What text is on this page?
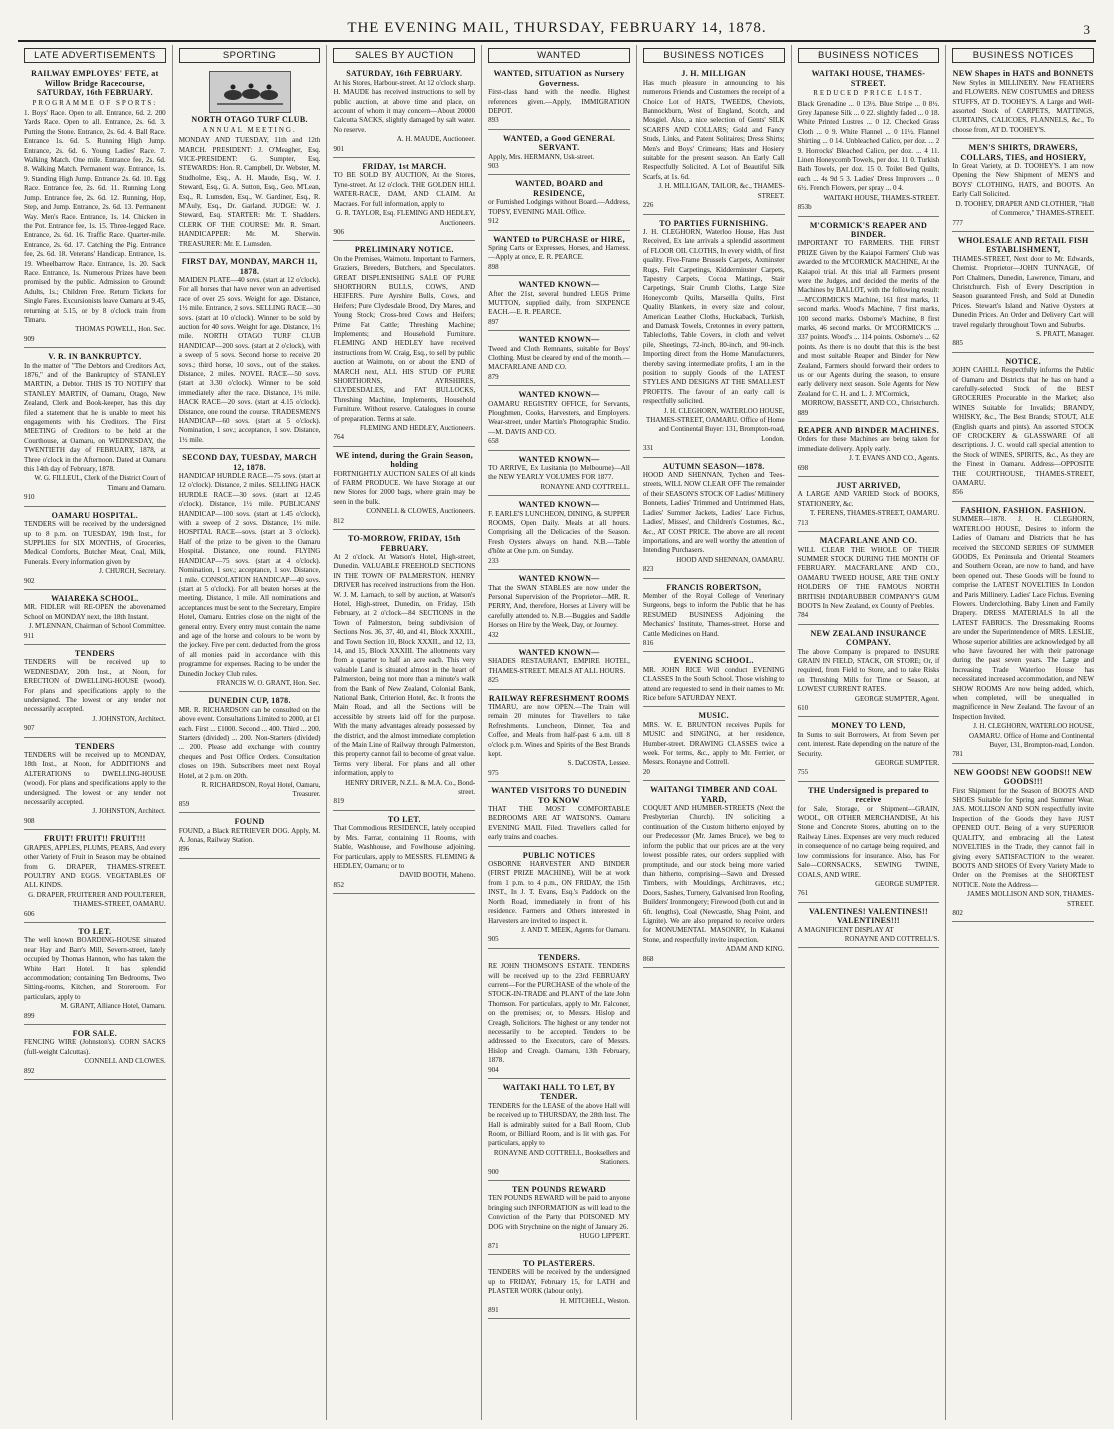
THE EVENING MAIL, THURSDAY, FEBRUARY 14, 1878.	3
LATE ADVERTISEMENTS
RAILWAY EMPLOYES' FETE, at Willow Bridge Racecourse, SATURDAY, 16th FEBRUARY.
PROGRAMME OF SPORTS:
1. Boys' Race. Open to all. Entrance, 6d. 2. 200 Yards Race. Open to all. Entrance, 2s. 6d. 3. Putting the Stone. Entrance, 2s. 6d. 4. Ball Race. Entrance 1s. 6d. 5. Running High Jump. Entrance, 2s. 6d. 6. Young Ladies' Race. 7. Walking Match. One mile. Entrance fee, 2s. 6d. 8. Walking Match. Permanent way. Entrance, 1s. 9. Standing High Jump. Entrance 2s. 6d. 10. Egg Race. Entrance fee, 2s. 6d. 11. Running Long Jump. Entrance fee, 2s. 6d. 12. Running, Hop, Step, and Jump. Entrance, 2s. 6d. 13. Permanent Way. Men's Race. Entrance, 1s. 14. Chicken in the Pot. Entrance fee, 1s. 15. Three-legged Race. Entrance, 2s. 6d. 16. Traffic Race. Quarter-mile. Entrance, 2s. 6d. 17. Catching the Pig. Entrance fee, 2s. 6d. 18. Veterans' Handicap. Entrance, 1s. 19. Wheelbarrow Race. Entrance, 1s. 20. Sack Race. Entrance, 1s. Numerous Prizes have been promised by the public. Admission to Ground: Adults, 1s.; Children Free. Return Tickets for Single Fares. Excursionists leave Oamaru at 9.45, returning at 5.15, or by 8 o'clock train from Timaru.
THOMAS POWELL, Hon. Sec.
909
V. R. IN BANKRUPTCY.
In the matter of "The Debtors and Creditors Act, 1876," and of the Bankruptcy of STANLEY MARTIN, a Debtor. THIS IS TO NOTIFY that STANLEY MARTIN, of Oamaru, Otago, New Zealand, Clerk and Book-keeper, has this day filed a statement that he is unable to meet his engagements with his Creditors. The First MEETING of Creditors to be held at the Courthouse, at Oamaru, on WEDNESDAY, the TWENTIETH day of FEBRUARY, 1878, at Three o'clock in the Afternoon. Dated at Oamaru this 14th day of February, 1878.
W. G. FILLEUL, Clerk of the District Court of Timaru and Oamaru.
910
OAMARU HOSPITAL.
TENDERS will be received by the undersigned up to 8 p.m. on TUESDAY, 19th Inst., for SUPPLIES for SIX MONTHS, of Groceries, Medical Comforts, Butcher Meat, Coal, Milk, Funerals. Every information given by
J. CHURCH, Secretary.
902
WAIAREKA SCHOOL.
MR. FIDLER will RE-OPEN the abovenamed School on MONDAY next, the 18th Instant.
J. M'LENNAN, Chairman of School Committee.
911
TENDERS
TENDERS will be received up to WEDNESDAY, 20th Inst., at Noon, for ERECTION of DWELLING-HOUSE (wood). For plans and specifications apply to the undersigned. The lowest or any tender not necessarily accepted.
J. JOHNSTON, Architect.
907
TENDERS
TENDERS will be received up to MONDAY, 18th Inst., at Noon, for ADDITIONS and ALTERATIONS to DWELLING-HOUSE (wood). For plans and specifications apply to the undersigned. The lowest or any tender not necessarily accepted.
J. JOHNSTON, Architect.
908
FRUIT! FRUIT!! FRUIT!!!
GRAPES, APPLES, PLUMS, PEARS, And every other Variety of Fruit in Season may be obtained from G. DRAPER, THAMES-STREET. POULTRY AND EGGS. VEGETABLES OF ALL KINDS.
G. DRAPER, FRUITERER AND POULTERER, THAMES-STREET, OAMARU.
606
TO LET.
The well known BOARDING-HOUSE situated near Hay and Barr's Mill, Severn-street, lately occupied by Thomas Hannon, who has taken the White Hart Hotel. It has splendid accommodation; containing Ten Bedrooms, Two Sitting-rooms, Kitchen, and Storeroom. For particulars, apply to
M. GRANT, Alliance Hotel, Oamaru.
899
FOR SALE.
FENCING WIRE (Johnston's). CORN SACKS (full-weight Calcuttas).
CONNELL AND CLOWES.
892
SPORTING
NORTH OTAGO TURF CLUB.
ANNUAL MEETING.
MONDAY AND TUESDAY, 11th and 12th MARCH. PRESIDENT: J. O'Meagher, Esq. VICE-PRESIDENT: G. Sumpter, Esq. STEWARDS: Hon. R. Campbell, Dr. Webster, M. Studholme, Esq., A. H. Maude, Esq., W. J. Steward, Esq., G. A. Sutton, Esq., Geo. M'Lean, Esq., R. Lumsden, Esq., W. Gardiner, Esq., R. M'Auly, Esq., Dr. Garland. JUDGE: W. J. Steward, Esq. STARTER: Mr. T. Shadders. CLERK OF THE COURSE: Mr. R. Smart. HANDICAPPER: Mr. M. Sherwin. TREASURER: Mr. E. Lumsden.
FIRST DAY, MONDAY, MARCH 11, 1878.
MAIDEN PLATE—40 sovs. (start at 12 o'clock). For all horses that have never won an advertised race of over 25 sovs. Weight for age. Distance, 1½ mile. Entrance, 2 sovs. SELLING RACE—30 sovs. (start at 10 o'clock). Winner to be sold by auction for 40 sovs. Weight for age. Distance, 1½ mile. NORTH OTAGO TURF CLUB HANDICAP—200 sovs. (start at 2 o'clock), with a sweep of 5 sovs. Second horse to receive 20 sovs.; third horse, 10 sovs., out of the stakes. Distance, 2 miles. NOVEL RACE—50 sovs. (start at 3.30 o'clock). Winner to be sold immediately after the race. Distance, 1½ mile. HACK RACE—20 sovs. (start at 4.15 o'clock). Distance, one round the course. TRADESMEN'S HANDICAP—60 sovs. (start at 5 o'clock). Nomination, 1 sov.; acceptance, 1 sov. Distance, 1½ mile.
SECOND DAY, TUESDAY, MARCH 12, 1878.
HANDICAP HURDLE RACE—75 sovs. (start at 12 o'clock). Distance, 2 miles. SELLING HACK HURDLE RACE—30 sovs. (start at 12.45 o'clock). Distance, 1½ mile. PUBLICANS' HANDICAP—100 sovs. (start at 1.45 o'clock), with a sweep of 2 sovs. Distance, 1½ mile. HOSPITAL RACE—sovs. (start at 3 o'clock). Half of the prize to be given to the Oamaru Hospital. Distance, one round. FLYING HANDICAP—75 sovs. (start at 4 o'clock). Nomination, 1 sov.; acceptance, 1 sov. Distance, 1 mile. CONSOLATION HANDICAP—40 sovs. (start at 5 o'clock). For all beaten horses at the meeting. Distance, 1 mile. All nominations and acceptances must be sent to the Secretary, Empire Hotel, Oamaru. Entries close on the night of the general entry. Every entry must contain the name and age of the horse and colours to be worn by the jockey. Five per cent. deducted from the gross of all monies paid in accordance with this programme for expenses. Racing to be under the Dunedin Jockey Club rules.
FRANCIS W. O. GRANT, Hon. Sec.
DUNEDIN CUP, 1878.
MR. R. RICHARDSON can be consulted on the above event. Consultations Limited to 2000, at £1 each. First ... £1000. Second ... 400. Third ... 200. Starters (divided) ... 200. Non-Starters (divided) ... 200. Please add exchange with country cheques and Post Office Orders. Consultation closes on 19th. Subscribers meet next Royal Hotel, at 2 p.m. on 20th.
R. RICHARDSON, Royal Hotel, Oamaru, Treasurer.
859
FOUND
FOUND, a Black RETRIEVER DOG. Apply, M. A. Jonas, Railway Station.
896
SALES BY AUCTION
SATURDAY, 16th FEBRUARY.
At his Stores, Harbour-street. At 12 o'clock sharp. H. MAUDE has received instructions to sell by public auction, at above time and place, on account of whom it may concern—About 20000 Calcutta SACKS, slightly damaged by salt water. No reserve.
A. H. MAUDE, Auctioneer.
901
FRIDAY, 1st MARCH.
TO BE SOLD BY AUCTION, At the Stores, Tyne-street. At 12 o'clock. THE GOLDEN HILL WATER-RACE, DAM, AND CLAIM. At Macraes. For full information, apply to
G. R. TAYLOR, Esq. FLEMING AND HEDLEY, Auctioneers.
906
PRELIMINARY NOTICE.
On the Premises, Waimotu. Important to Farmers, Graziers, Breeders, Butchers, and Speculators. GREAT DISPLENISHING SALE OF PURE SHORTHORN BULLS, COWS, AND HEIFERS. Pure Ayrshire Bulls, Cows, and Heifers; Pure Clydesdale Brood, Dry Mares, and Young Stock; Cross-bred Cows and Heifers; Prime Fat Cattle; Threshing Machine; Implements; and Household Furniture. FLEMING AND HEDLEY have received instructions from W. Craig, Esq., to sell by public auction at Waimotu, on or about the END of MARCH next, ALL HIS STUD OF PURE SHORTHORNS, AYRSHIRES, CLYDESDALES, and FAT BULLOCKS, Threshing Machine, Implements, Household Furniture. Without reserve. Catalogues in course of preparation. Terms at sale.
FLEMING AND HEDLEY, Auctioneers.
764
WE intend, during the Grain Season, holding
FORTNIGHTLY AUCTION SALES Of all kinds of FARM PRODUCE. We have Storage at our new Stores for 2000 bags, where grain may be seen in the bulk.
CONNELL & CLOWES, Auctioneers.
812
TO-MORROW, FRIDAY, 15th FEBRUARY.
At 2 o'clock. At Watson's Hotel, High-street, Dunedin. VALUABLE FREEHOLD SECTIONS IN THE TOWN OF PALMERSTON. HENRY DRIVER has received instructions from the Hon. W. J. M. Larnach, to sell by auction, at Watson's Hotel, High-street, Dunedin, on Friday, 15th February, at 2 o'clock—84 SECTIONS in the Town of Palmerston, being subdivision of Sections Nos. 36, 37, 40, and 41, Block XXXIII., and Town Section 10, Block XXXII., and 12, 13, 14, and 15, Block XXXIII. The allotments vary from a quarter to half an acre each. This very valuable Land is situated almost in the heart of Palmerston, being not more than a minute's walk from the Bank of New Zealand, Colonial Bank, National Bank, Criterion Hotel, &c. It fronts the Main Road, and all the Sections will be accessible by streets laid off for the purpose. With the many advantages already possessed by the district, and the almost immediate completion of the Main Line of Railway through Palmerston, this property cannot fail to become of great value. Terms very liberal. For plans and all other information, apply to
HENRY DRIVER, N.Z.L. & M.A. Co., Bond-street.
819
TO LET.
That Commodious RESIDENCE, lately occupied by Mrs. Farrar, containing 11 Rooms, with Stable, Washhouse, and Fowlhouse adjoining. For particulars, apply to MESSRS. FLEMING & HEDLEY, Oamaru; or to
DAVID BOOTH, Maheno.
852
WANTED
WANTED, SITUATION as Nursery Governess.
First-class hand with the needle. Highest references given.—Apply, IMMIGRATION DEPOT.
893
WANTED, a Good GENERAL SERVANT.
Apply, Mrs. HERMANN, Usk-street.
903
WANTED, BOARD and RESIDENCE,
or Furnished Lodgings without Board.—Address, TOPSY, EVENING MAIL Office.
912
WANTED to PURCHASE or HIRE,
Spring Carts or Expresses, Horses, and Harness.—Apply at once, E. R. PEARCE.
898
WANTED KNOWN—
After the 21st, several hundred LEGS Prime MUTTON, supplied daily, from SIXPENCE EACH.—E. R. PEARCE.
897
WANTED KNOWN—
Tweed and Cloth Remnants, suitable for Boys' Clothing. Must be cleared by end of the month.—MACFARLANE AND CO.
879
WANTED KNOWN—
OAMARU REGISTRY OFFICE, for Servants, Ploughmen, Cooks, Harvesters, and Employers. Wear-street, under Martin's Photographic Studio.—M. DAVIS AND CO.
658
WANTED KNOWN—
TO ARRIVE, Ex Lusitania (to Melbourne)—All the NEW YEARLY VOLUMES FOR 1877.
RONAYNE AND COTTRELL.
WANTED KNOWN—
F. EARLE'S LUNCHEON, DINING, & SUPPER ROOMS, Open Daily. Meals at all hours. Comprising all the Delicacies of the Season. Fresh Oysters always on hand. N.B.—Table d'hôte at One p.m. on Sunday.
233
WANTED KNOWN—
That the SWAN STABLES are now under the Personal Supervision of the Proprietor—MR. R. PERRY, And, therefore, Horses at Livery will be carefully attended to. N.B.—Buggies and Saddle Horses on Hire by the Week, Day, or Journey.
432
WANTED KNOWN—
SHADES RESTAURANT, EMPIRE HOTEL, THAMES-STREET. MEALS AT ALL HOURS.
825
RAILWAY REFRESHMENT ROOMS
TIMARU, are now OPEN.—The Train will remain 20 minutes for Travellers to take Refreshments. Luncheon, Dinner, Tea and Coffee, and Meals from half-past 6 a.m. till 8 o'clock p.m. Wines and Spirits of the Best Brands kept.
S. DaCOSTA, Lessee.
975
WANTED VISITORS TO DUNEDIN TO KNOW
THAT THE MOST COMFORTABLE BEDROOMS ARE AT WATSON'S. Oamaru EVENING MAIL Filed. Travellers called for early trains and coaches.
PUBLIC NOTICES
OSBORNE HARVESTER AND BINDER (FIRST PRIZE MACHINE), Will be at work from 1 p.m. to 4 p.m., ON FRIDAY, the 15th INST., In J. T. Evans, Esq.'s Paddock on the North Road, immediately in front of his residence. Farmers and Others interested in Harvesters are invited to inspect it.
J. AND T. MEEK, Agents for Oamaru.
905
TENDERS.
RE JOHN THOMSON'S ESTATE. TENDERS will be received up to the 23rd FEBRUARY current—For the PURCHASE of the whole of the STOCK-IN-TRADE and PLANT of the late John Thomson. For particulars, apply to Mr. Falconer, on the premises; or, to Messrs. Hislop and Creagh, Solicitors. The highest or any tender not necessarily to be accepted. Tenders to be addressed to the Executors, care of Messrs. Hislop and Creagh. Oamaru, 13th February, 1878.
904
WAITAKI HALL TO LET, BY TENDER.
TENDERS for the LEASE of the above Hall will be received up to THURSDAY, the 28th Inst. The Hall is admirably suited for a Ball Room, Club Room, or Billiard Room, and is lit with gas. For particulars, apply to
RONAYNE AND COTTRELL, Booksellers and Stationers.
900
TEN POUNDS REWARD
TEN POUNDS REWARD will be paid to anyone bringing such INFORMATION as will lead to the Conviction of the Party that POISONED MY DOG with Strychnine on the night of January 26.
HUGO LIPPERT.
871
TO PLASTERERS.
TENDERS will be received by the undersigned up to FRIDAY, February 15, for LATH and PLASTER WORK (labour only).
H. MITCHELL, Weston.
891
BUSINESS NOTICES
J. H. MILLIGAN
Has much pleasure in announcing to his numerous Friends and Customers the receipt of a Choice Lot of HATS, TWEEDS, Cheviots, Bannockburn, West of England, Scotch, and Mosgiel. Also, a nice selection of Gents' SILK SCARFS AND COLLARS; Gold and Fancy Studs, Links, and Patent Solitaires; Dress Shirts; Men's and Boys' Crimeans; Hats and Hosiery suitable for the present season. An Early Call Respectfully Solicited. A Lot of Beautiful Silk Scarfs, at 1s. 6d.
J. H. MILLIGAN, TAILOR, &c., THAMES-STREET.
226
TO PARTIES FURNISHING.
J. H. CLEGHORN, Waterloo House, Has Just Received, Ex late arrivals a splendid assortment of FLOOR OIL CLOTHS, In every width, of first quality. Five-Frame Brussels Carpets, Axminster Rugs, Felt Carpetings, Kidderminster Carpets, Tapestry Carpets, Cocoa Mattings, Stair Carpetings, Stair Crumb Cloths, Large Size Honeycomb Quilts, Marseilla Quilts, First Quality Blankets, in every size and colour, American Leather Cloths, Huckaback, Turkish, and Damask Towels, Cretonnes in every pattern, Tablecloths, Table Covers, in cloth and velvet pile, Sheetings, 72-inch, 80-inch, and 90-inch. Importing direct from the Home Manufacturers, thereby saving intermediate profits, I am in the position to supply Goods of the LATEST STYLES AND DESIGNS AT THE SMALLEST PROFITS. The favour of an early call is respectfully solicited.
J. H. CLEGHORN, WATERLOO HOUSE, THAMES-STREET, OAMARU. Office of Home and Continental Buyer: 131, Brompton-road, London.
331
AUTUMN SEASON—1878.
HOOD AND SHENNAN, Tychen and Tees-streets, WILL NOW CLEAR OFF The remainder of their SEASON'S STOCK OF Ladies' Millinery Bonnets, Ladies' Trimmed and Untrimmed Hats, Ladies' Summer Jackets, Ladies' Lace Fichus, Ladies', Misses', and Children's Costumes, &c., &c., AT COST PRICE. The above are all recent importations, and are well worthy the attention of Intending Purchasers.
HOOD AND SHENNAN, OAMARU.
823
FRANCIS ROBERTSON,
Member of the Royal College of Veterinary Surgeons, begs to inform the Public that he has RESUMED BUSINESS Adjoining the Mechanics' Institute, Thames-street. Horse and Cattle Medicines on Hand.
816
EVENING SCHOOL.
MR. JOHN RICE Will conduct EVENING CLASSES In the South School. Those wishing to attend are requested to send in their names to Mr. Rice before SATURDAY NEXT.
MUSIC.
MRS. W. E. BRUNTON receives Pupils for MUSIC and SINGING, at her residence, Humber-street. DRAWING CLASSES twice a week. For terms, &c., apply to Mr. Ferrier, or Messrs. Ronayne and Cottrell.
20
WAITANGI TIMBER AND COAL YARD,
COQUET AND HUMBER-STREETS (Next the Presbyterian Church). IN soliciting a continuation of the Custom hitherto enjoyed by our Predecessor (Mr. James Bruce), we beg to inform the public that our prices are at the very lowest possible rates, our orders supplied with promptitude, and our stock being more varied than hitherto, comprising—Sawn and Dressed Timbers, with Mouldings, Architraves, etc.; Doors, Sashes, Turnery, Galvanised Iron Roofing, Builders' Ironmongery; Firewood (both cut and in 6ft. lengths), Coal (Newcastle, Shag Point, and Lignite). We are also prepared to receive orders for MONUMENTAL MASONRY, In Kakanui Stone, and respectfully invite inspection.
ADAM AND KING.
868
BUSINESS NOTICES
WAITAKI HOUSE, THAMES-STREET.
REDUCED PRICE LIST.
Black Grenadine ... 0 13½. Blue Stripe ... 0 8½. Grey Japanese Silk ... 0 22. slightly faded ... 0 18. White Printed Lustres ... 0 12. Checked Grass Cloth ... 0 9. White Flannel ... 0 11½. Flannel Shirting ... 0 14. Unbleached Calico, per doz. ... 2 9. Horrocks' Bleached Calico, per doz. ... 4 11. Linen Honeycomb Towels, per doz. 11 0. Turkish Bath Towels, per doz. 15 0. Toilet Bed Quilts, each ... 4s 9d 5 3. Ladies' Dress Improvers ... 0 6½. French Flowers, per spray ... 0 4.
WAITAKI HOUSE, THAMES-STREET.
853b
M'CORMICK'S REAPER AND BINDER.
IMPORTANT TO FARMERS. THE FIRST PRIZE Given by the Kaiapoi Farmers' Club was awarded to the M'CORMICK MACHINE, At the Kaiapoi trial. At this trial all Farmers present were the Judges, and decided the merits of the Machines by BALLOT, with the following result:—M'CORMICK'S Machine, 161 first marks, 11 second marks. Wood's Machine, 7 first marks, 100 second marks. Osborne's Machine, 8 first marks, 46 second marks. Or M'CORMICK'S ... 337 points. Wood's ... 114 points. Osborne's ... 62 points. As there is no doubt that this is the best and most suitable Reaper and Binder for New Zealand, Farmers should forward their orders to us or our Agents during the season, to ensure early delivery next season. Sole Agents for New Zealand for C. H. and L. J. M'Cormick,
MORROW, BASSETT, AND CO., Christchurch.
889
REAPER AND BINDER MACHINES.
Orders for these Machines are being taken for immediate delivery. Apply early.
J. T. EVANS AND CO., Agents.
698
JUST ARRIVED,
A LARGE AND VARIED Stock of BOOKS, STATIONERY, &c.
T. FERENS, THAMES-STREET, OAMARU.
713
MACFARLANE AND CO.
WILL CLEAR THE WHOLE OF THEIR SUMMER STOCK DURING THE MONTH OF FEBRUARY. MACFARLANE AND CO., OAMARU TWEED HOUSE, ARE THE ONLY HOLDERS OF THE FAMOUS NORTH BRITISH INDIARUBBER COMPANY'S GUM BOOTS In New Zealand, ex County of Peebles.
784
NEW ZEALAND INSURANCE COMPANY.
The above Company is prepared to INSURE GRAIN IN FIELD, STACK, OR STORE; Or, if required, from Field to Store, and to take Risks on Threshing Mills for Time or Season, at LOWEST CURRENT RATES.
GEORGE SUMPTER, Agent.
610
MONEY TO LEND,
In Sums to suit Borrowers, At from Seven per cent. interest. Rate depending on the nature of the Security.
GEORGE SUMPTER.
755
THE Undersigned is prepared to receive
for Sale, Storage, or Shipment—GRAIN, WOOL, OR OTHER MERCHANDISE, At his Stone and Concrete Stores, abutting on to the Railway Lines. Expenses are very much reduced in consequence of no cartage being required, and low commissions for insurance. Also, has For Sale—CORNSACKS, SEWING TWINE, COALS, AND WIRE.
GEORGE SUMPTER.
761
VALENTINES! VALENTINES!! VALENTINES!!!
A MAGNIFICENT DISPLAY AT
RONAYNE AND COTTRELL'S.
BUSINESS NOTICES
NEW Shapes in HATS and BONNETS
New Styles in MILLINERY. New FEATHERS and FLOWERS. NEW COSTUMES and DRESS STUFFS, AT D. TOOHEY'S. A Large and Well-assorted Stock of CARPETS, MATTINGS, CURTAINS, CALICOES, FLANNELS, &c., To choose from, AT D. TOOHEY'S.
MEN'S SHIRTS, DRAWERS, COLLARS, TIES, and HOSIERY,
In Great Variety, at D. TOOHEY'S. I am now Opening the New Shipment of MEN'S and BOYS' CLOTHING, HATS, and BOOTS. An Early Call Solicited.
D. TOOHEY, DRAPER AND CLOTHIER, "Hall of Commerce," THAMES-STREET.
777
WHOLESALE AND RETAIL FISH ESTABLISHMENT,
THAMES-STREET, Next door to Mr. Edwards, Chemist. Proprietor—JOHN TUNNAGE, Of Port Chalmers, Dunedin, Lawrence, Timaru, and Christchurch. Fish of Every Description in Season guaranteed Fresh, and Sold at Dunedin Prices. Stewart's Island and Native Oysters at Dunedin Prices. An Order and Delivery Cart will travel regularly throughout Town and Suburbs.
S. PRATT, Manager.
885
NOTICE.
JOHN CAHILL Respectfully informs the Public of Oamaru and Districts that he has on hand a carefully-selected Stock of the BEST GROCERIES Procurable in the Market; also WINES Suitable for Invalids; BRANDY, WHISKY, &c., The Best Brands; STOUT, ALE (English quarts and pints). An assorted STOCK OF CROCKERY & GLASSWARE Of all descriptions. J. C. would call special attention to the Stock of WINES, SPIRITS, &c., As they are the Finest in Oamaru. Address—OPPOSITE THE COURTHOUSE, THAMES-STREET, OAMARU.
856
FASHION. FASHION. FASHION.
SUMMER—1878. J. H. CLEGHORN, WATERLOO HOUSE, Desires to inform the Ladies of Oamaru and Districts that he has received the SECOND SERIES OF SUMMER GOODS, Ex Peninsula and Oriental Steamers and Southern Ocean, are now to hand, and have been opened out. These Goods will be found to comprise the LATEST NOVELTIES In London and Paris Millinery. Ladies' Lace Fichus. Evening Flowers. Underclothing. Baby Linen and Family Drapery. DRESS MATERIALS In all the LATEST FABRICS. The Dressmaking Rooms are under the Superintendence of MRS. LESLIE, Whose superior abilities are acknowledged by all who have favoured her with their patronage during the past seven years. The Large and Increasing Trade Waterloo House has necessitated increased accommodation, and NEW SHOW ROOMS Are now being added, which, when completed, will be unequalled in magnificence in New Zealand. The favour of an Inspection Invited.
J. H. CLEGHORN, WATERLOO HOUSE, OAMARU. Office of Home and Continental Buyer, 131, Brompton-road, London.
781
NEW GOODS! NEW GOODS!! NEW GOODS!!!
First Shipment for the Season of BOOTS AND SHOES Suitable for Spring and Summer Wear. JAS. MOLLISON AND SON respectfully invite Inspection of the Goods they have JUST OPENED OUT. Being of a very SUPERIOR QUALITY, and embracing all the Latest NOVELTIES in the Trade, they cannot fail in giving every SATISFACTION to the wearer. BOOTS AND SHOES Of Every Variety Made to Order on the Premises at the SHORTEST NOTICE. Note the Address—
JAMES MOLLISON AND SON, THAMES-STREET.
802
